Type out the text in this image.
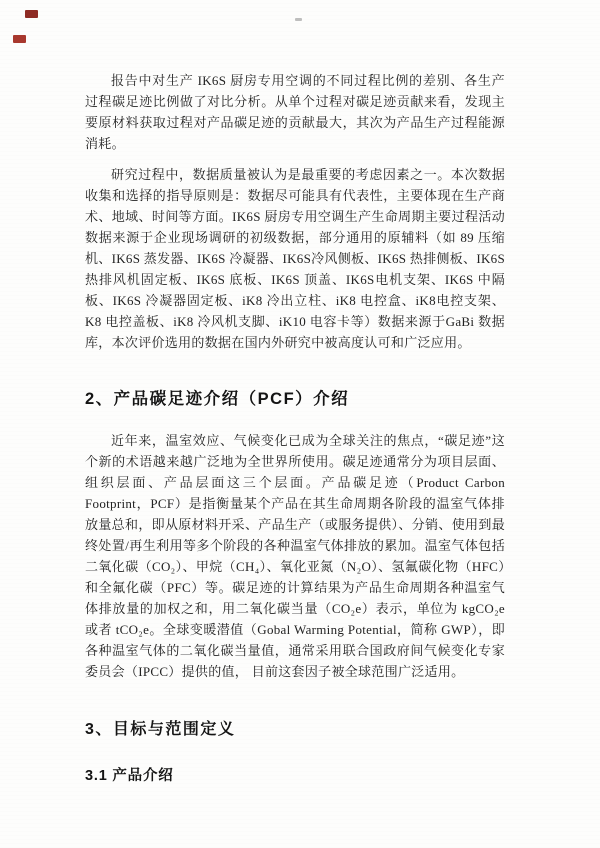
报告中对生产 IK6S 厨房专用空调的不同过程比例的差别、各生产过程碳足迹比例做了对比分析。从单个过程对碳足迹贡献来看，发现主要原材料获取过程对产品碳足迹的贡献最大，其次为产品生产过程能源消耗。

研究过程中，数据质量被认为是最重要的考虑因素之一。本次数据收集和选择的指导原则是：数据尽可能具有代表性，主要体现在生产商术、地域、时间等方面。IK6S 厨房专用空调生产生命周期主要过程活动数据来源于企业现场调研的初级数据，部分通用的原辅料（如 89 压缩机、IK6S 蒸发器、IK6S 冷凝器、IK6S冷风侧板、IK6S 热排侧板、IK6S 热排风机固定板、IK6S 底板、IK6S 顶盖、IK6S电机支架、IK6S 中隔板、IK6S 冷凝器固定板、iK8 冷出立柱、iK8 电控盒、iK8电控支架、K8 电控盖板、iK8 冷风机支脚、iK10 电容卡等）数据来源于GaBi 数据库，本次评价选用的数据在国内外研究中被高度认可和广泛应用。

2、产品碳足迹介绍（PCF）介绍

近年来，温室效应、气候变化已成为全球关注的焦点，“碳足迹”这个新的术语越来越广泛地为全世界所使用。碳足迹通常分为项目层面、组织层面、产品层面这三个层面。产品碳足迹（Product Carbon Footprint，PCF）是指衡量某个产品在其生命周期各阶段的温室气体排放量总和，即从原材料开采、产品生产（或服务提供）、分销、使用到最终处置/再生利用等多个阶段的各种温室气体排放的累加。温室气体包括二氧化碳（CO₂）、甲烷（CH₄）、氧化亚氮（N₂O）、氢氟碳化物（HFC）和全氟化碳（PFC）等。碳足迹的计算结果为产品生命周期各种温室气体排放量的加权之和，用二氧化碳当量（CO₂e）表示，单位为 kgCO₂e或者 tCO₂e。全球变暖潜值（Gobal Warming Potential，简称 GWP），即各种温室气体的二氧化碳当量值，通常采用联合国政府间气候变化专家委员会（IPCC）提供的值， 目前这套因子被全球范围广泛适用。

3、目标与范围定义
3.1 产品介绍
